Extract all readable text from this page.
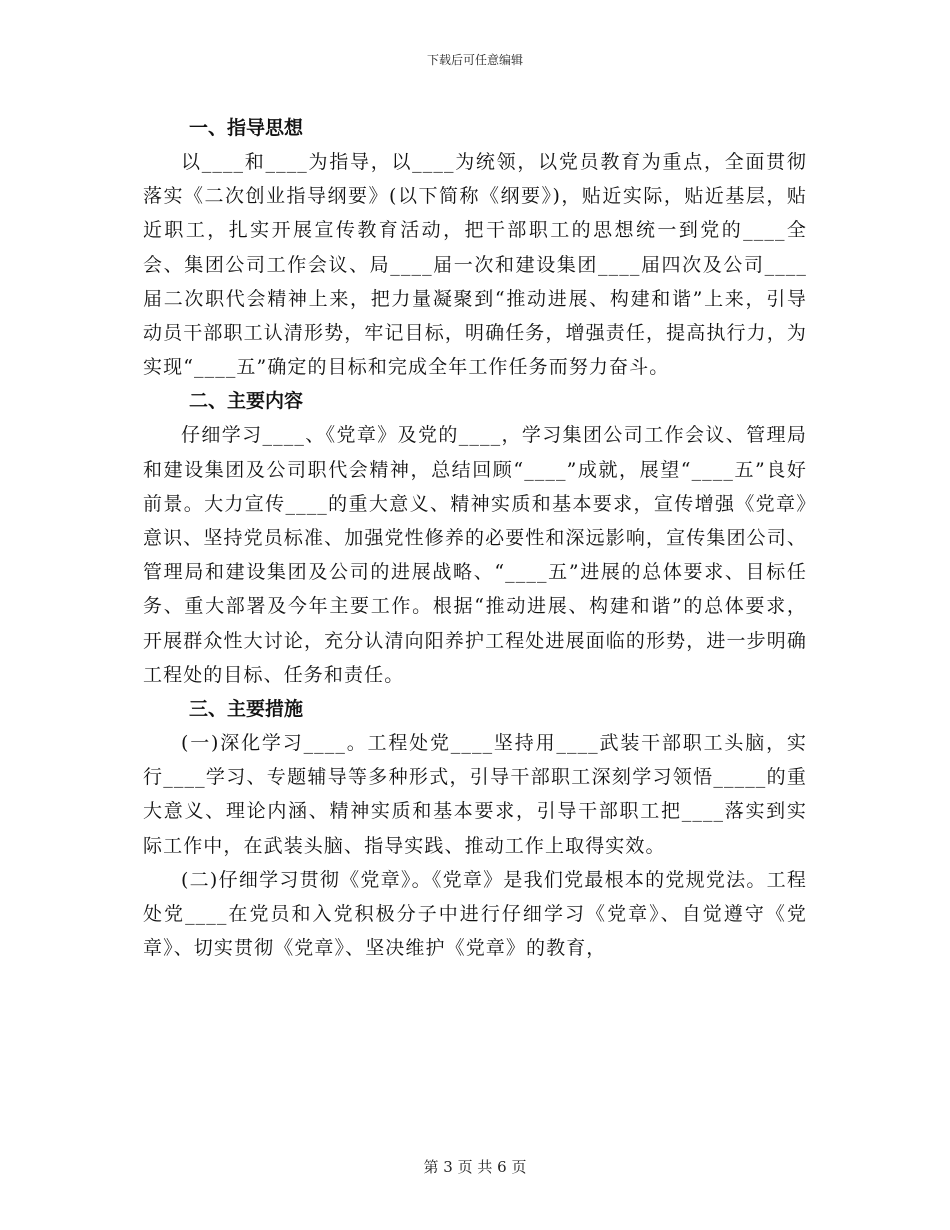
下载后可任意编辑
一、指导思想

以____和____为指导，以____为统领，以党员教育为重点，全面贯彻落实《二次创业指导纲要》(以下简称《纲要》)，贴近实际，贴近基层，贴近职工，扎实开展宣传教育活动，把干部职工的思想统一到党的____全会、集团公司工作会议、局____届一次和建设集团____届四次及公司____届二次职代会精神上来，把力量凝聚到“推动进展、构建和谐”上来，引导动员干部职工认清形势，牢记目标，明确任务，增强责任，提高执行力，为实现“____五”确定的目标和完成全年工作任务而努力奋斗。

二、主要内容

仔细学习____、《党章》及党的____，学习集团公司工作会议、管理局和建设集团及公司职代会精神，总结回顾“____”成就，展望“____五”良好前景。大力宣传____的重大意义、精神实质和基本要求，宣传增强《党章》意识、坚持党员标准、加强党性修养的必要性和深远影响，宣传集团公司、管理局和建设集团及公司的进展战略、“____五”进展的总体要求、目标任务、重大部署及今年主要工作。根据“推动进展、构建和谐”的总体要求，开展群众性大讨论，充分认清向阳养护工程处进展面临的形势，进一步明确工程处的目标、任务和责任。

三、主要措施

(一)深化学习____。工程处党____坚持用____武装干部职工头脑，实行____学习、专题辅导等多种形式，引导干部职工深刻学习领悟_____的重大意义、理论内涵、精神实质和基本要求，引导干部职工把____落实到实际工作中，在武装头脑、指导实践、推动工作上取得实效。

(二)仔细学习贯彻《党章》。《党章》是我们党最根本的党规党法。工程处党____在党员和入党积极分子中进行仔细学习《党章》、自觉遵守《党章》、切实贯彻《党章》、坚决维护《党章》的教育，

第 3 页 共 6 页
